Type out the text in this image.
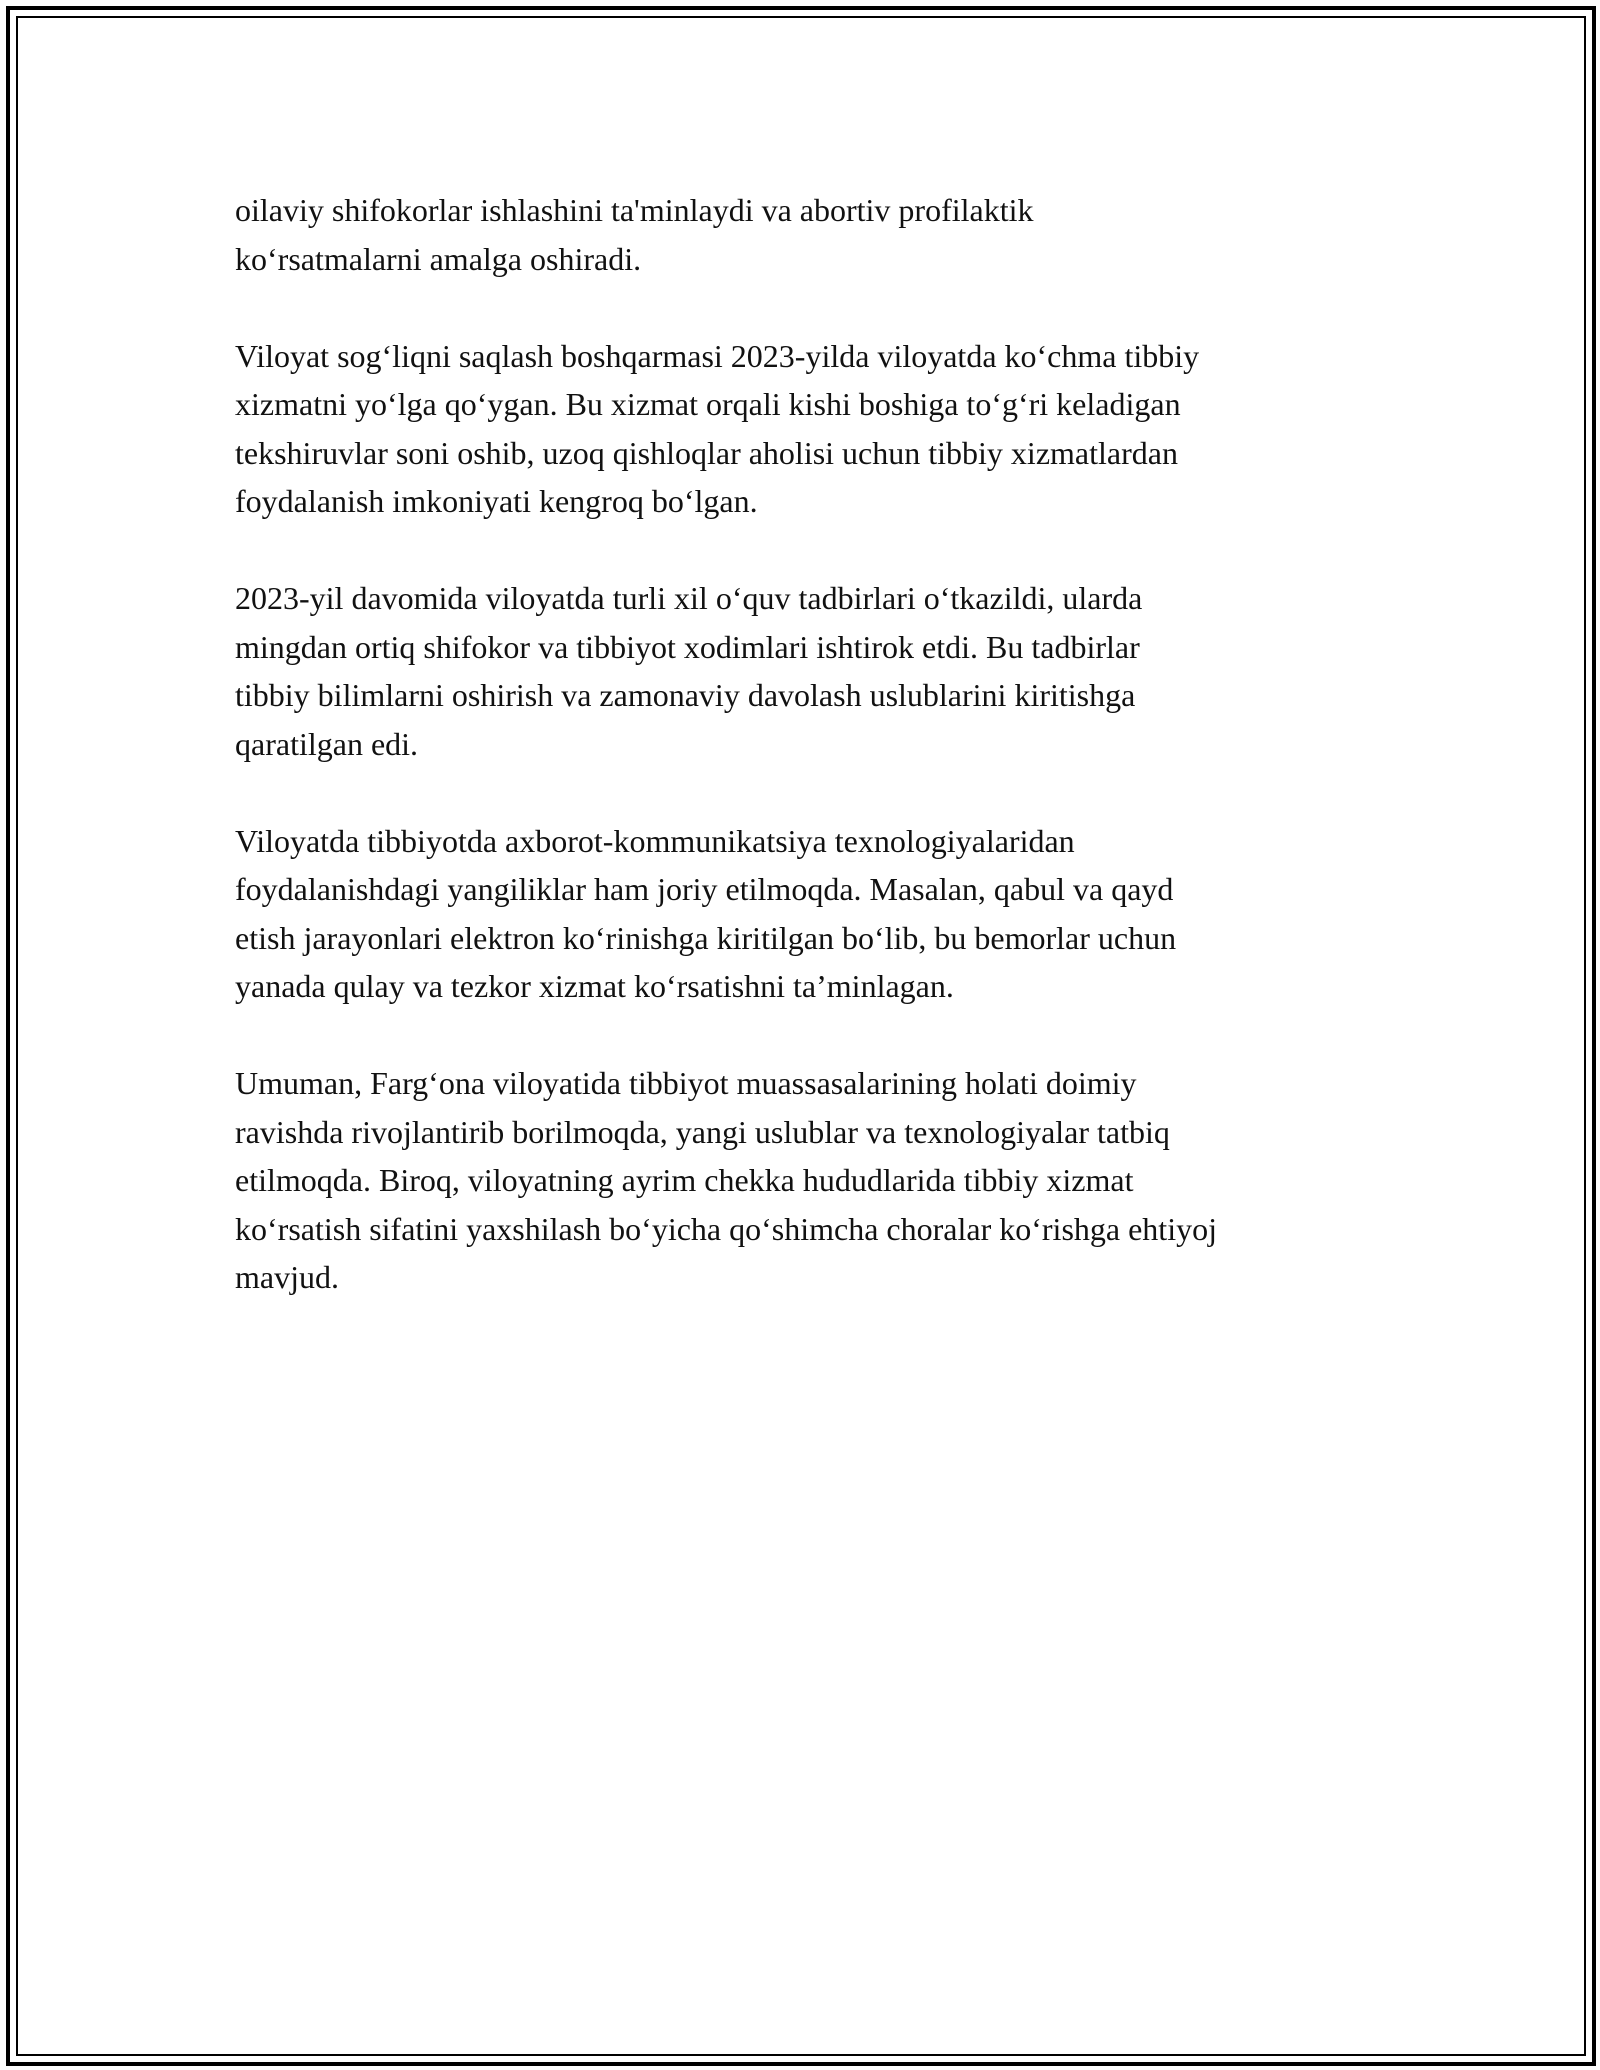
oilaviy shifokorlar ishlashini ta'minlaydi va abortiv profilaktik
ko‘rsatmalarni amalga oshiradi.

Viloyat sog‘liqni saqlash boshqarmasi 2023-yilda viloyatda ko‘chma tibbiy
xizmatni yo‘lga qo‘ygan. Bu xizmat orqali kishi boshiga to‘g‘ri keladigan
tekshiruvlar soni oshib, uzoq qishloqlar aholisi uchun tibbiy xizmatlardan
foydalanish imkoniyati kengroq bo‘lgan.

2023-yil davomida viloyatda turli xil o‘quv tadbirlari o‘tkazildi, ularda
mingdan ortiq shifokor va tibbiyot xodimlari ishtirok etdi. Bu tadbirlar
tibbiy bilimlarni oshirish va zamonaviy davolash uslublarini kiritishga
qaratilgan edi.

Viloyatda tibbiyotda axborot-kommunikatsiya texnologiyalaridan
foydalanishdagi yangiliklar ham joriy etilmoqda. Masalan, qabul va qayd
etish jarayonlari elektron ko‘rinishga kiritilgan bo‘lib, bu bemorlar uchun
yanada qulay va tezkor xizmat ko‘rsatishni ta’minlagan.

Umuman, Farg‘ona viloyatida tibbiyot muassasalarining holati doimiy
ravishda rivojlantirib borilmoqda, yangi uslublar va texnologiyalar tatbiq
etilmoqda. Biroq, viloyatning ayrim chekka hududlarida tibbiy xizmat
ko‘rsatish sifatini yaxshilash bo‘yicha qo‘shimcha choralar ko‘rishga ehtiyoj
mavjud.
